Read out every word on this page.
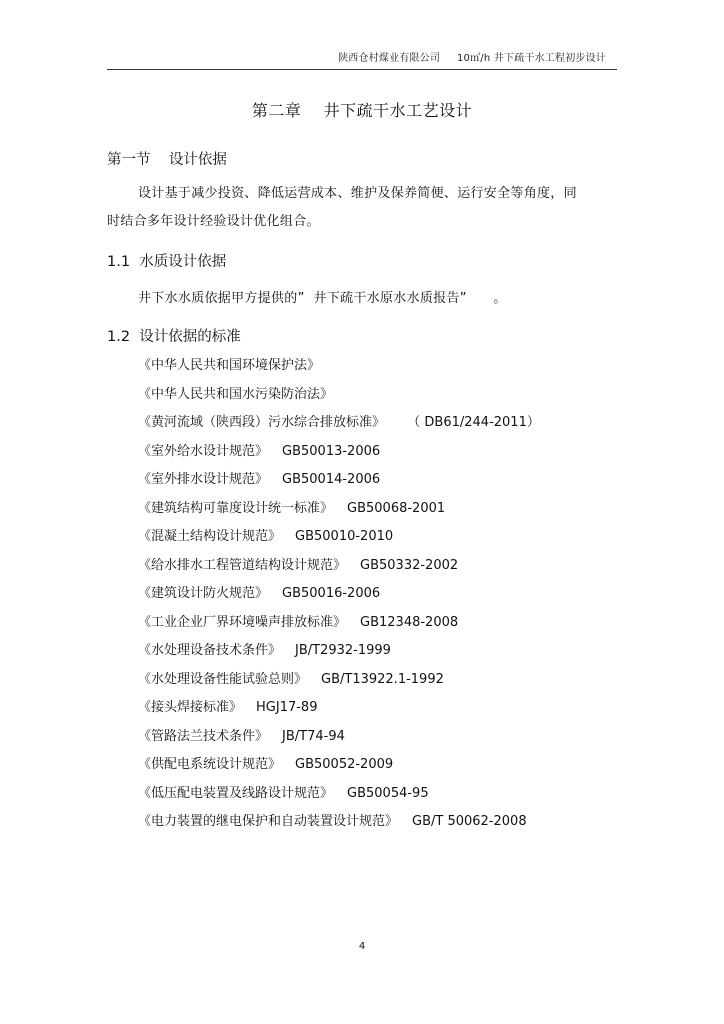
陕西仓村煤业有限公司 10㎡/h 井下疏干水工程初步设计
第二章    井下疏干水工艺设计
第一节    设计依据
设计基于减少投资、降低运营成本、维护及保养简便、运行安全等角度，同
时结合多年设计经验设计优化组合。
1.1  水质设计依据
井下水水质依据甲方提供的”  井下疏干水原水水质报告”      。
1.2  设计依据的标准
《中华人民共和国环境保护法》
《中华人民共和国水污染防治法》
《黄河流域（陕西段）污水综合排放标准》  （ DB61/244-2011）
《室外给水设计规范》 GB50013-2006
《室外排水设计规范》 GB50014-2006
《建筑结构可靠度设计统一标准》 GB50068-2001
《混凝土结构设计规范》 GB50010-2010
《给水排水工程管道结构设计规范》 GB50332-2002
《建筑设计防火规范》 GB50016-2006
《工业企业厂界环境噪声排放标准》 GB12348-2008
《水处理设备技术条件》 JB/T2932-1999
《水处理设备性能试验总则》 GB/T13922.1-1992
《接头焊接标准》 HGJ17-89
《管路法兰技术条件》 JB/T74-94
《供配电系统设计规范》 GB50052-2009
《低压配电装置及线路设计规范》 GB50054-95
《电力装置的继电保护和自动装置设计规范》 GB/T 50062-2008
4
